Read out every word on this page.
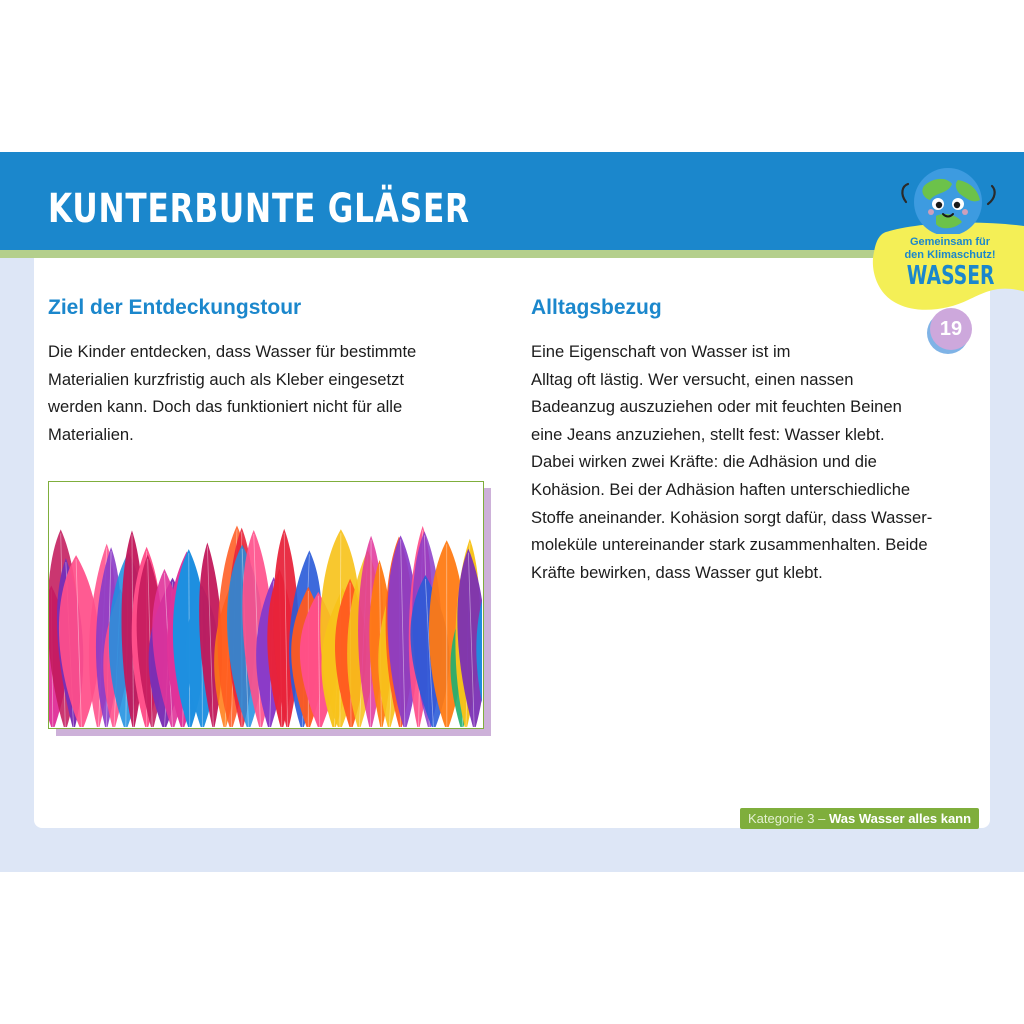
KUNTERBUNTE GLÄSER
Gemeinsam für
den Klimaschutz!
WASSER
19
Ziel der Entdeckungstour
Die Kinder entdecken, dass Wasser für bestimmte
Materialien kurzfristig auch als Kleber eingesetzt
werden kann. Doch das funktioniert nicht für alle
Materialien.
Alltagsbezug
Eine Eigenschaft von Wasser ist im
Alltag oft lästig. Wer versucht, einen nassen
Badeanzug auszuziehen oder mit feuchten Beinen
eine Jeans anzuziehen, stellt fest: Wasser klebt.
Dabei wirken zwei Kräfte: die Adhäsion und die
Kohäsion. Bei der Adhäsion haften unterschiedliche
Stoffe aneinander. Kohäsion sorgt dafür, dass Wasser-
moleküle untereinander stark zusammenhalten. Beide
Kräfte bewirken, dass Wasser gut klebt.
Kategorie 3 – Was Wasser alles kann
